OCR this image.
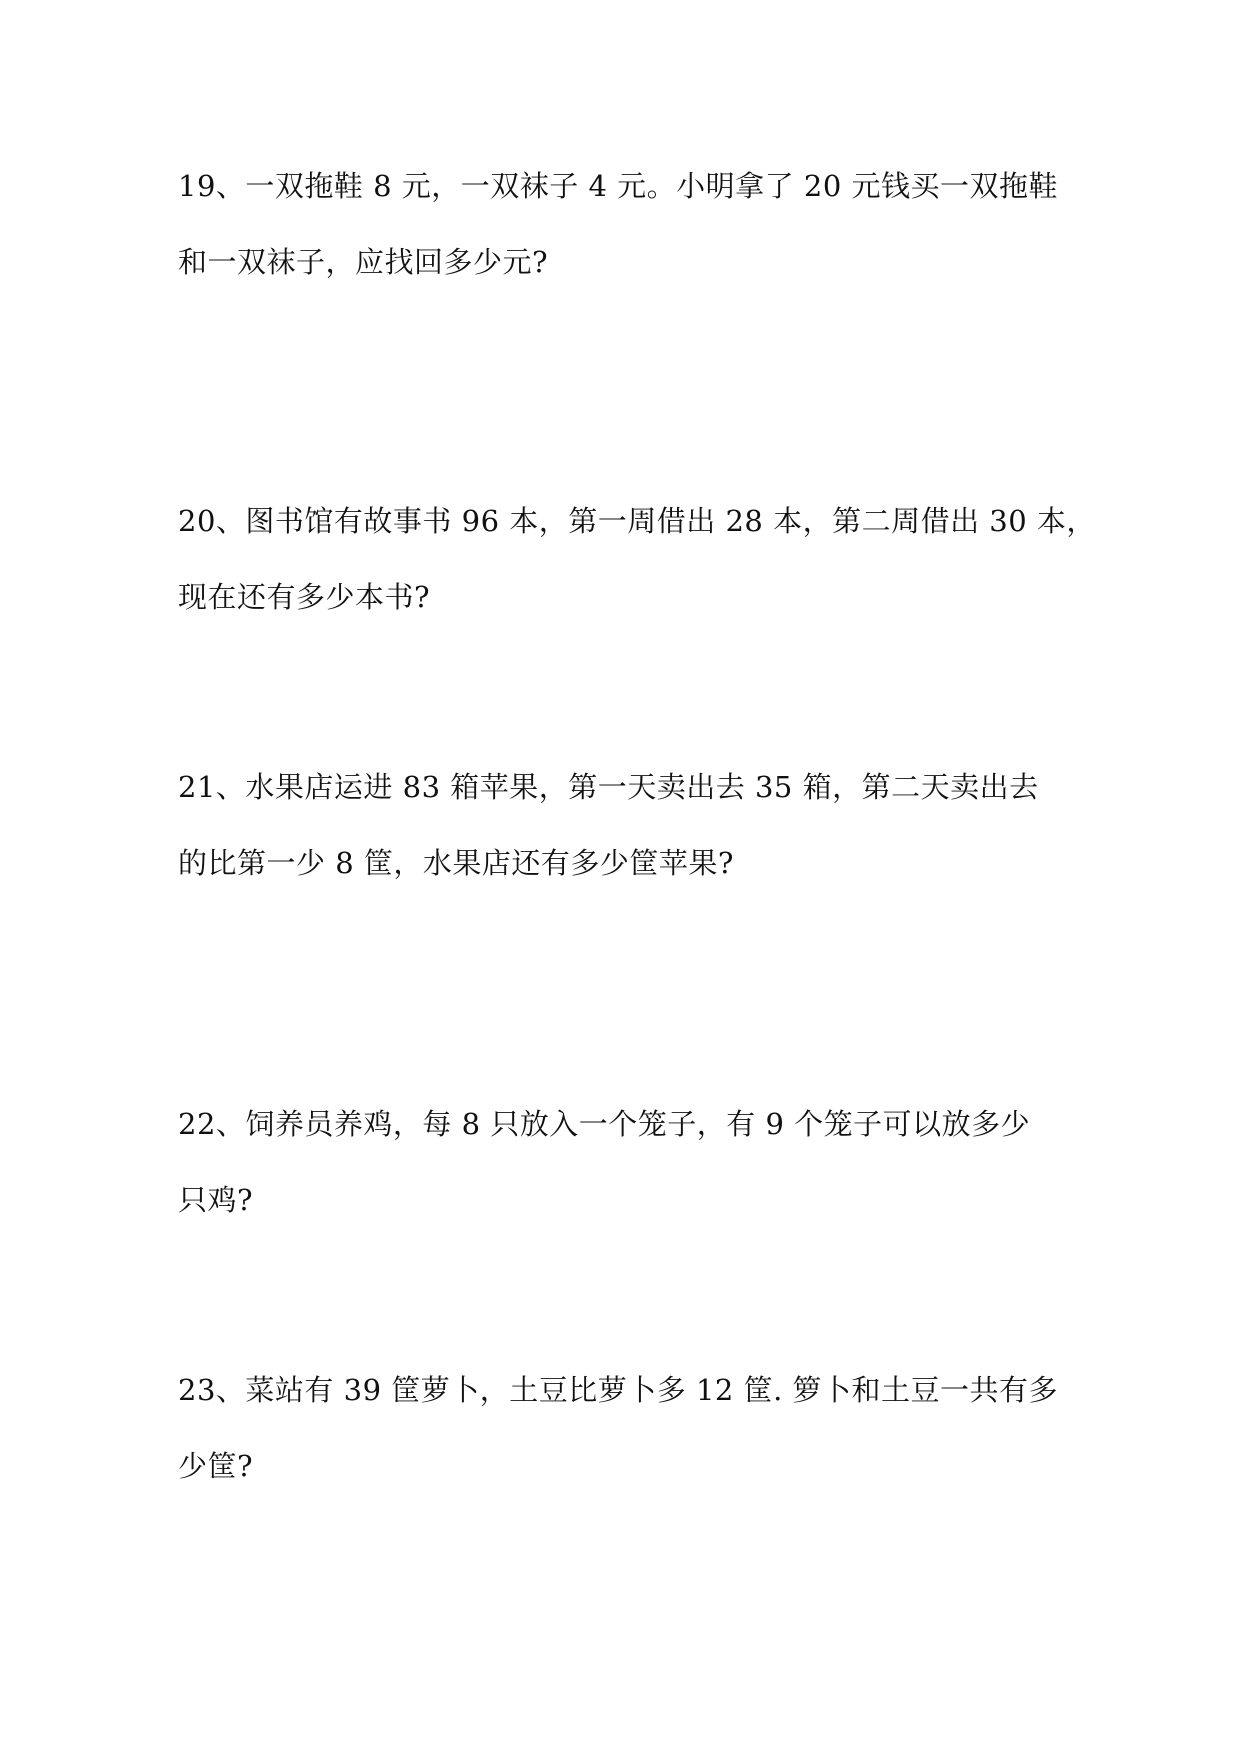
19、一双拖鞋 8 元，一双袜子 4 元。小明拿了 20 元钱买一双拖鞋
和一双袜子，应找回多少元?
20、图书馆有故事书 96 本，第一周借出 28 本，第二周借出 30 本，
现在还有多少本书?
21、水果店运进 83 箱苹果，第一天卖出去 35 箱，第二天卖出去
的比第一少 8 筐，水果店还有多少筐苹果?
22、饲养员养鸡，每 8 只放入一个笼子，有 9 个笼子可以放多少
只鸡?
23、菜站有 39 筐萝卜，土豆比萝卜多 12 筐. 箩卜和土豆一共有多
少筐?
